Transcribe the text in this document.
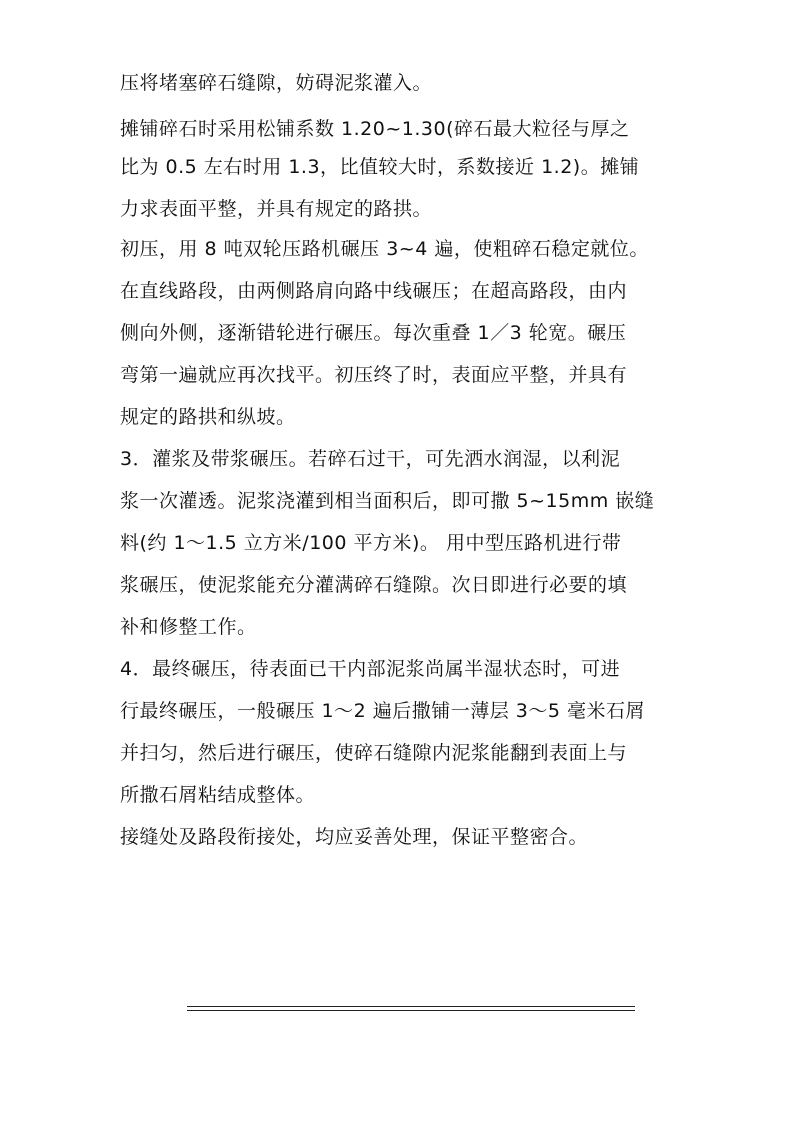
压将堵塞碎石缝隙，妨碍泥浆灌入。
摊铺碎石时采用松铺系数 1.20~1.30(碎石最大粒径与厚之
比为 0.5 左右时用 1.3，比值较大时，系数接近 1.2)。摊铺
力求表面平整，并具有规定的路拱。
初压，用 8 吨双轮压路机碾压 3~4 遍，使粗碎石稳定就位。
在直线路段，由两侧路肩向路中线碾压；在超高路段，由内
侧向外侧，逐渐错轮进行碾压。每次重叠 1／3 轮宽。碾压
弯第一遍就应再次找平。初压终了时，表面应平整，并具有
规定的路拱和纵坡。
3．灌浆及带浆碾压。若碎石过干，可先洒水润湿，以利泥
浆一次灌透。泥浆浇灌到相当面积后，即可撒 5~15mm 嵌缝
料(约 1～1.5 立方米/100 平方米)。 用中型压路机进行带
浆碾压，使泥浆能充分灌满碎石缝隙。次日即进行必要的填
补和修整工作。
4．最终碾压，待表面已干内部泥浆尚属半湿状态时，可进
行最终碾压，一般碾压 1～2 遍后撒铺一薄层 3～5 毫米石屑
并扫匀，然后进行碾压，使碎石缝隙内泥浆能翻到表面上与
所撒石屑粘结成整体。
接缝处及路段衔接处，均应妥善处理，保证平整密合。
